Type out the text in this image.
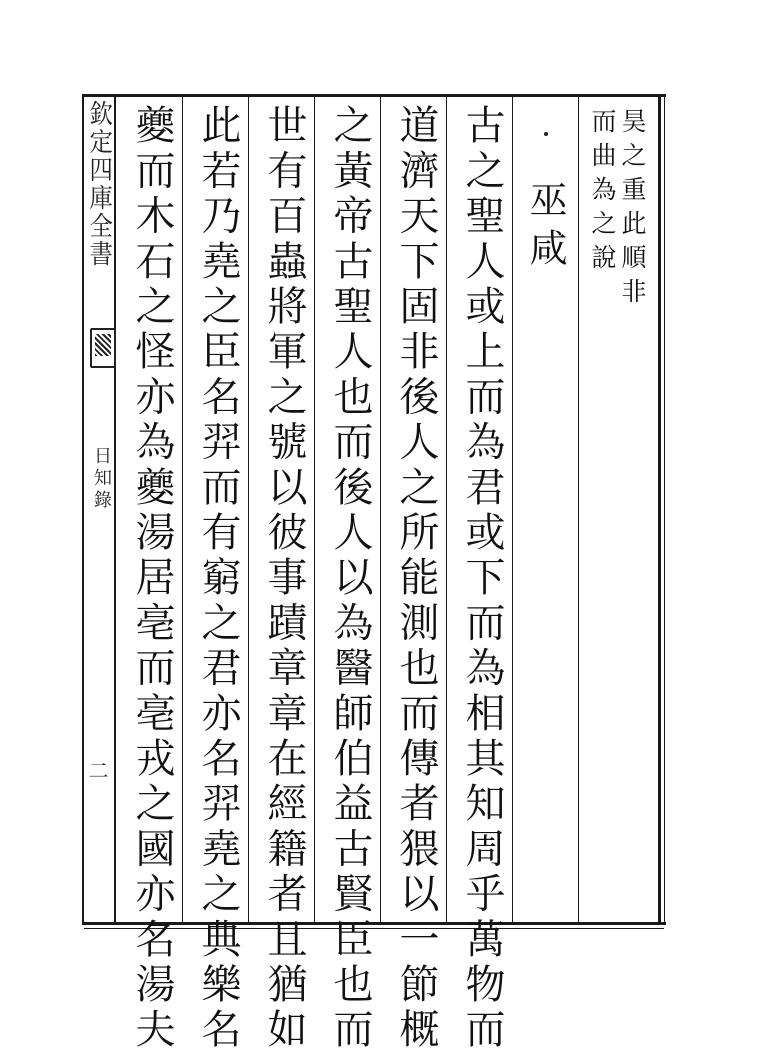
欽定四庫全書
日知錄
二
昊之重此順非
而曲為之說
巫咸
古之聖人或上而為君或下而為相其知周乎萬物而
道濟天下固非後人之所能測也而傳者猥以一節概
之黃帝古聖人也而後人以為醫師伯益古賢臣也而
世有百蟲將軍之號以彼事蹟章章在經籍者且猶如
此若乃堯之臣名羿而有窮之君亦名羿堯之典樂名
夔而木石之怪亦為夔湯居亳而亳戎之國亦名湯夫
